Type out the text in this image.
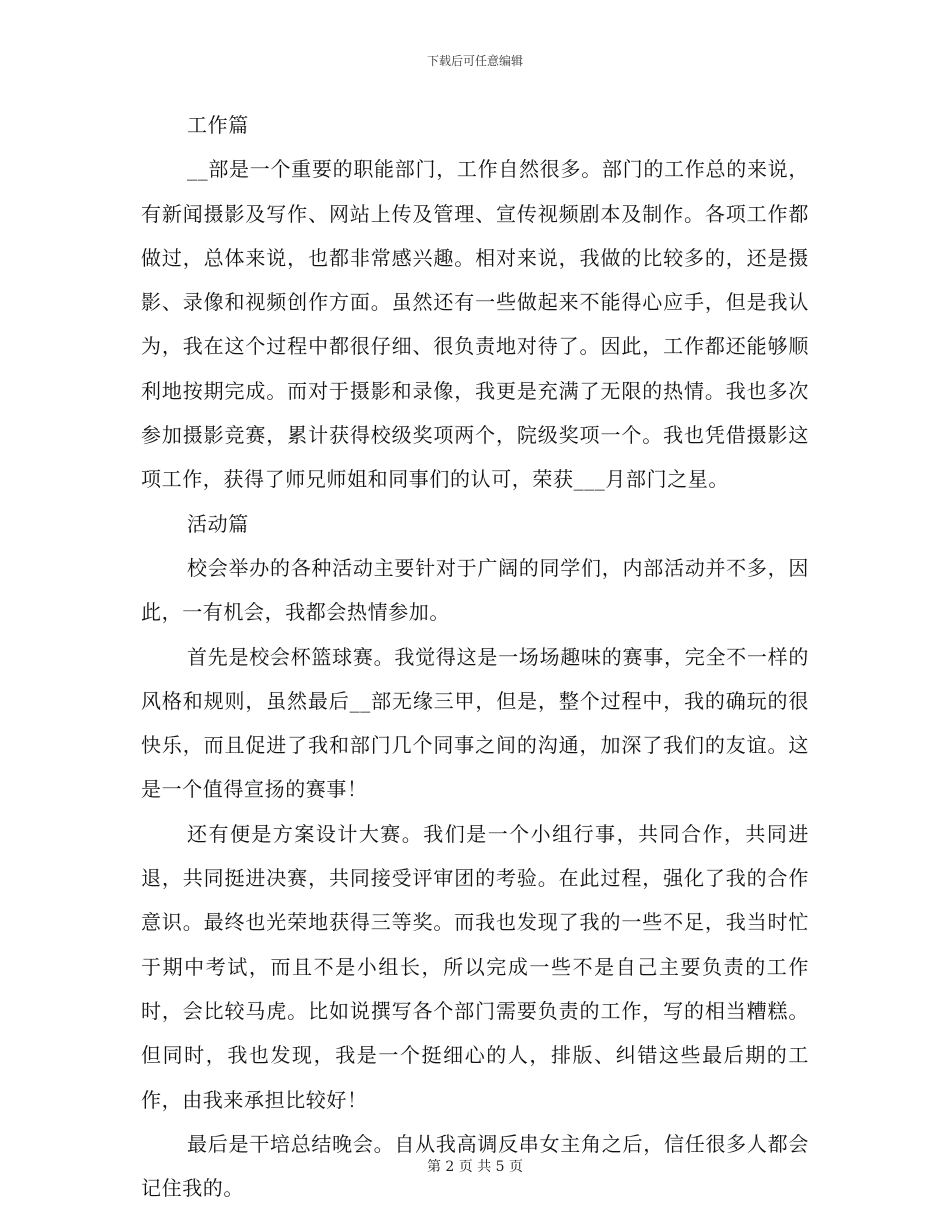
下载后可任意编辑

工作篇

__部是一个重要的职能部门，工作自然很多。部门的工作总的来说，有新闻摄影及写作、网站上传及管理、宣传视频剧本及制作。各项工作都做过，总体来说，也都非常感兴趣。相对来说，我做的比较多的，还是摄影、录像和视频创作方面。虽然还有一些做起来不能得心应手，但是我认为，我在这个过程中都很仔细、很负责地对待了。因此，工作都还能够顺利地按期完成。而对于摄影和录像，我更是充满了无限的热情。我也多次参加摄影竞赛，累计获得校级奖项两个，院级奖项一个。我也凭借摄影这项工作，获得了师兄师姐和同事们的认可，荣获___月部门之星。

活动篇

校会举办的各种活动主要针对于广阔的同学们，内部活动并不多，因此，一有机会，我都会热情参加。

首先是校会杯篮球赛。我觉得这是一场场趣味的赛事，完全不一样的风格和规则，虽然最后__部无缘三甲，但是，整个过程中，我的确玩的很快乐，而且促进了我和部门几个同事之间的沟通，加深了我们的友谊。这是一个值得宣扬的赛事！

还有便是方案设计大赛。我们是一个小组行事，共同合作，共同进退，共同挺进决赛，共同接受评审团的考验。在此过程，强化了我的合作意识。最终也光荣地获得三等奖。而我也发现了我的一些不足，我当时忙于期中考试，而且不是小组长，所以完成一些不是自己主要负责的工作时，会比较马虎。比如说撰写各个部门需要负责的工作，写的相当糟糕。但同时，我也发现，我是一个挺细心的人，排版、纠错这些最后期的工作，由我来承担比较好！

最后是干培总结晚会。自从我高调反串女主角之后，信任很多人都会记住我的。

第 2 页 共 5 页
